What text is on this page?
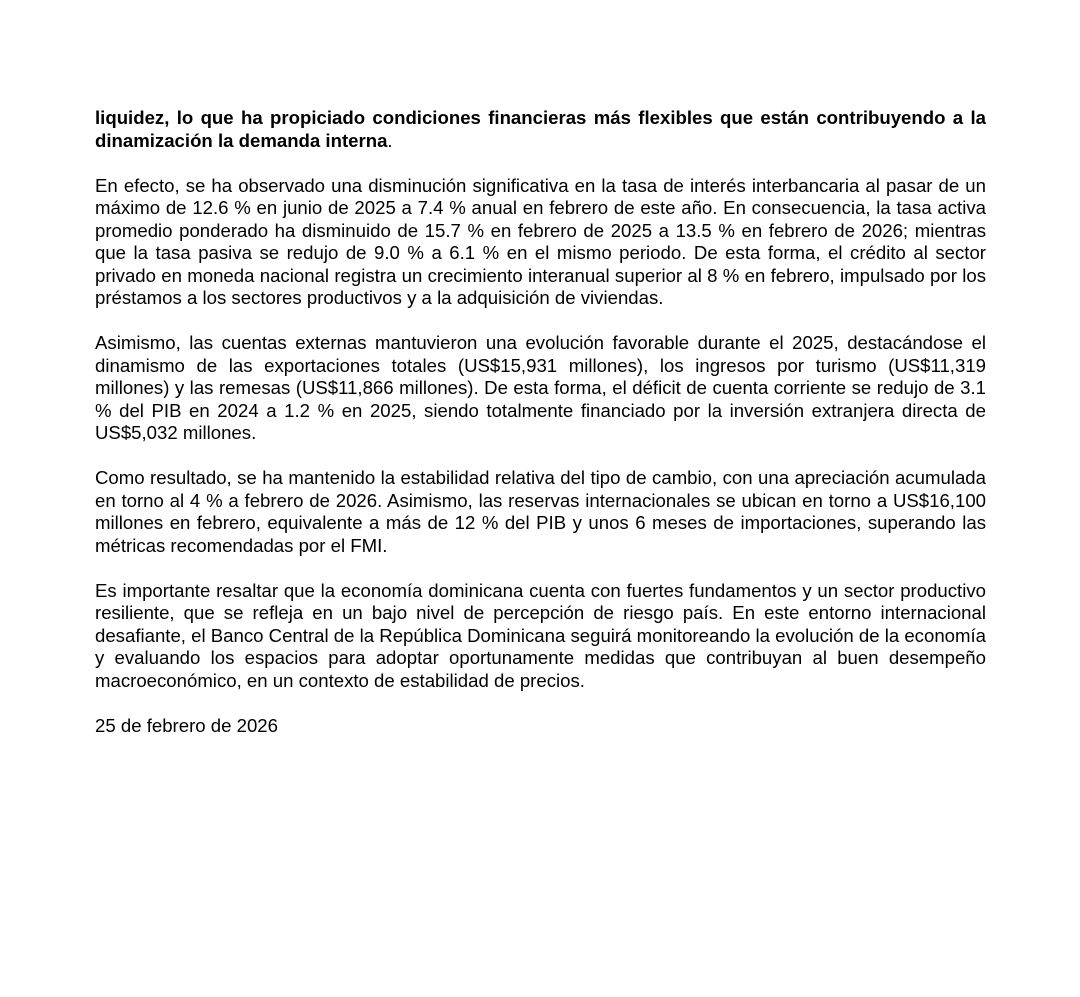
liquidez, lo que ha propiciado condiciones financieras más flexibles que están contribuyendo a la dinamización la demanda interna.

En efecto, se ha observado una disminución significativa en la tasa de interés interbancaria al pasar de un máximo de 12.6 % en junio de 2025 a 7.4 % anual en febrero de este año. En consecuencia, la tasa activa promedio ponderado ha disminuido de 15.7 % en febrero de 2025 a 13.5 % en febrero de 2026; mientras que la tasa pasiva se redujo de 9.0 % a 6.1 % en el mismo periodo. De esta forma, el crédito al sector privado en moneda nacional registra un crecimiento interanual superior al 8 % en febrero, impulsado por los préstamos a los sectores productivos y a la adquisición de viviendas.

Asimismo, las cuentas externas mantuvieron una evolución favorable durante el 2025, destacándose el dinamismo de las exportaciones totales (US$15,931 millones), los ingresos por turismo (US$11,319 millones) y las remesas (US$11,866 millones). De esta forma, el déficit de cuenta corriente se redujo de 3.1 % del PIB en 2024 a 1.2 % en 2025, siendo totalmente financiado por la inversión extranjera directa de US$5,032 millones.

Como resultado, se ha mantenido la estabilidad relativa del tipo de cambio, con una apreciación acumulada en torno al 4 % a febrero de 2026. Asimismo, las reservas internacionales se ubican en torno a US$16,100 millones en febrero, equivalente a más de 12 % del PIB y unos 6 meses de importaciones, superando las métricas recomendadas por el FMI.

Es importante resaltar que la economía dominicana cuenta con fuertes fundamentos y un sector productivo resiliente, que se refleja en un bajo nivel de percepción de riesgo país. En este entorno internacional desafiante, el Banco Central de la República Dominicana seguirá monitoreando la evolución de la economía y evaluando los espacios para adoptar oportunamente medidas que contribuyan al buen desempeño macroeconómico, en un contexto de estabilidad de precios.

25 de febrero de 2026
